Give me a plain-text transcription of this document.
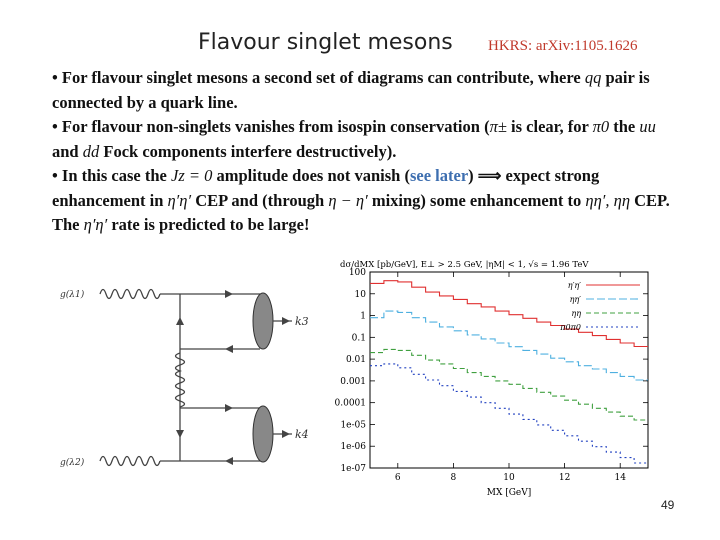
Flavour singlet mesons HKRS: arXiv:1105.1626

• For flavour singlet mesons a second set of diagrams can contribute, where qq pair is connected by a quark line.

• For flavour non-singlets vanishes from isospin conservation (π± is clear, for π0 the uu and dd Fock components interfere destructively).

• In this case the Jz = 0 amplitude does not vanish (see later) ⟹ expect strong enhancement in η′η′ CEP and (through η − η′ mixing) some enhancement to ηη′, ηη CEP. The η′η′ rate is predicted to be large!

g(λ1)
g(λ2)
k3
k4
100
10
1
0.1
0.01
0.001
0.0001
1e-05
1e-06
1e-07
6	8	10	12	14
η′η′
ηη′
ηη
π0π0
dσ/dMX [pb/GeV], E⊥ > 2.5 GeV, |ηM| < 1, √s = 1.96 TeV
MX [GeV]
49
